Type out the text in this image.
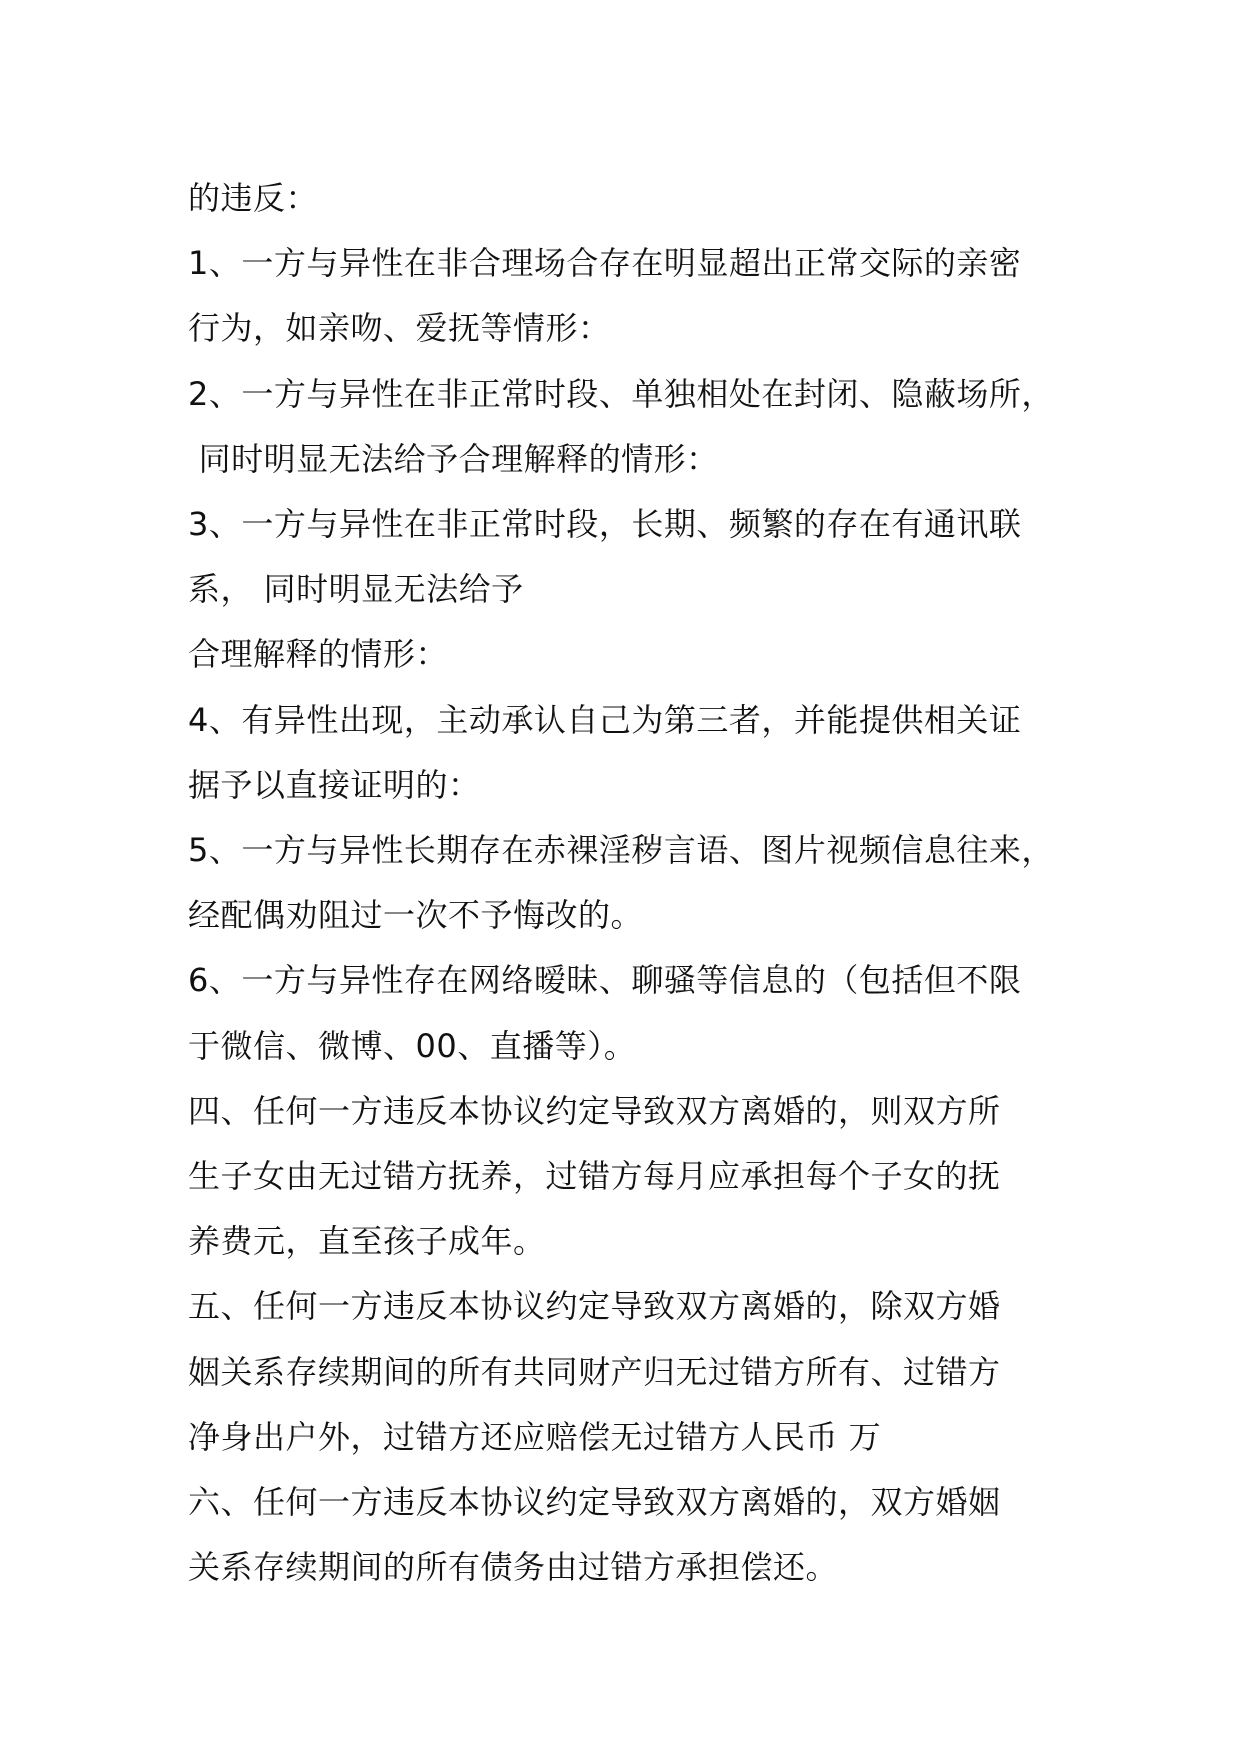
的违反：
1、一方与异性在非合理场合存在明显超出正常交际的亲密
行为，如亲吻、爱抚等情形：
2、一方与异性在非正常时段、单独相处在封闭、隐蔽场所，
同时明显无法给予合理解释的情形：
3、一方与异性在非正常时段，长期、频繁的存在有通讯联
系， 同时明显无法给予
合理解释的情形：
4、有异性出现，主动承认自己为第三者，并能提供相关证
据予以直接证明的：
5、一方与异性长期存在赤裸淫秽言语、图片视频信息往来，
经配偶劝阻过一次不予悔改的。
6、一方与异性存在网络暧昧、聊骚等信息的（包括但不限
于微信、微博、00、直播等）。
四、任何一方违反本协议约定导致双方离婚的，则双方所
生子女由无过错方抚养，过错方每月应承担每个子女的抚
养费元，直至孩子成年。
五、任何一方违反本协议约定导致双方离婚的，除双方婚
姻关系存续期间的所有共同财产归无过错方所有、过错方
净身出户外，过错方还应赔偿无过错方人民币 万
六、任何一方违反本协议约定导致双方离婚的，双方婚姻
关系存续期间的所有债务由过错方承担偿还。
